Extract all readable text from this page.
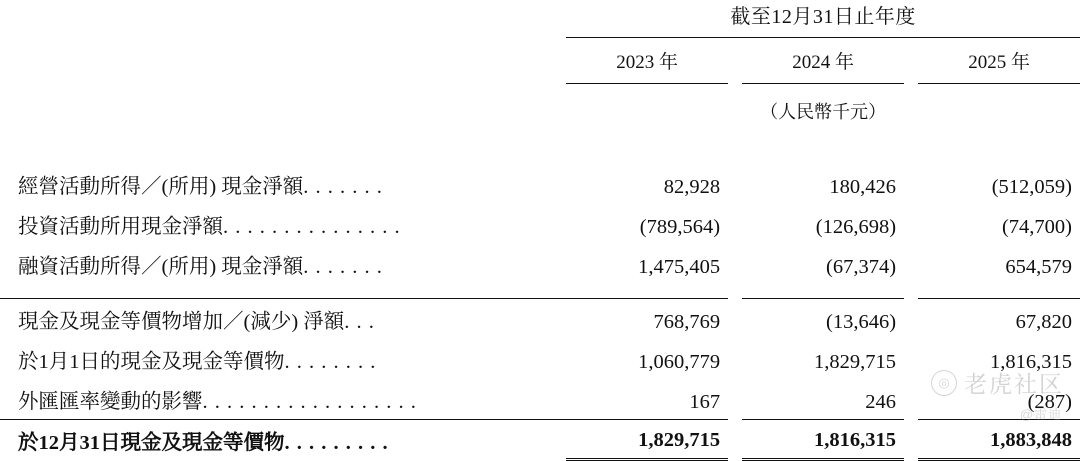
	截至12月31日止年度				
	2023 年		2024 年		2025 年
			（人民幣千元）		

經營活動所得／(所用) 現金淨額. . . . . . .	82,928		180,426		(512,059)
投資活動所用現金淨額. . . . . . . . . . . . . . .	(789,564)		(126,698)		(74,700)
融資活動所得／(所用) 現金淨額. . . . . . .	1,475,405		(67,374)		654,579

現金及現金等價物增加／(減少) 淨額. . .	768,769		(13,646)		67,820
於1月1日的現金及現金等價物. . . . . . . .	1,060,779		1,829,715		1,816,315
外匯匯率變動的影響. . . . . . . . . . . . . . . . . .	167		246		(287)
於12月31日現金及現金等價物. . . . . . . . .	1,829,715		1,816,315		1,883,848
◎ 老虎社区
@雷迪
